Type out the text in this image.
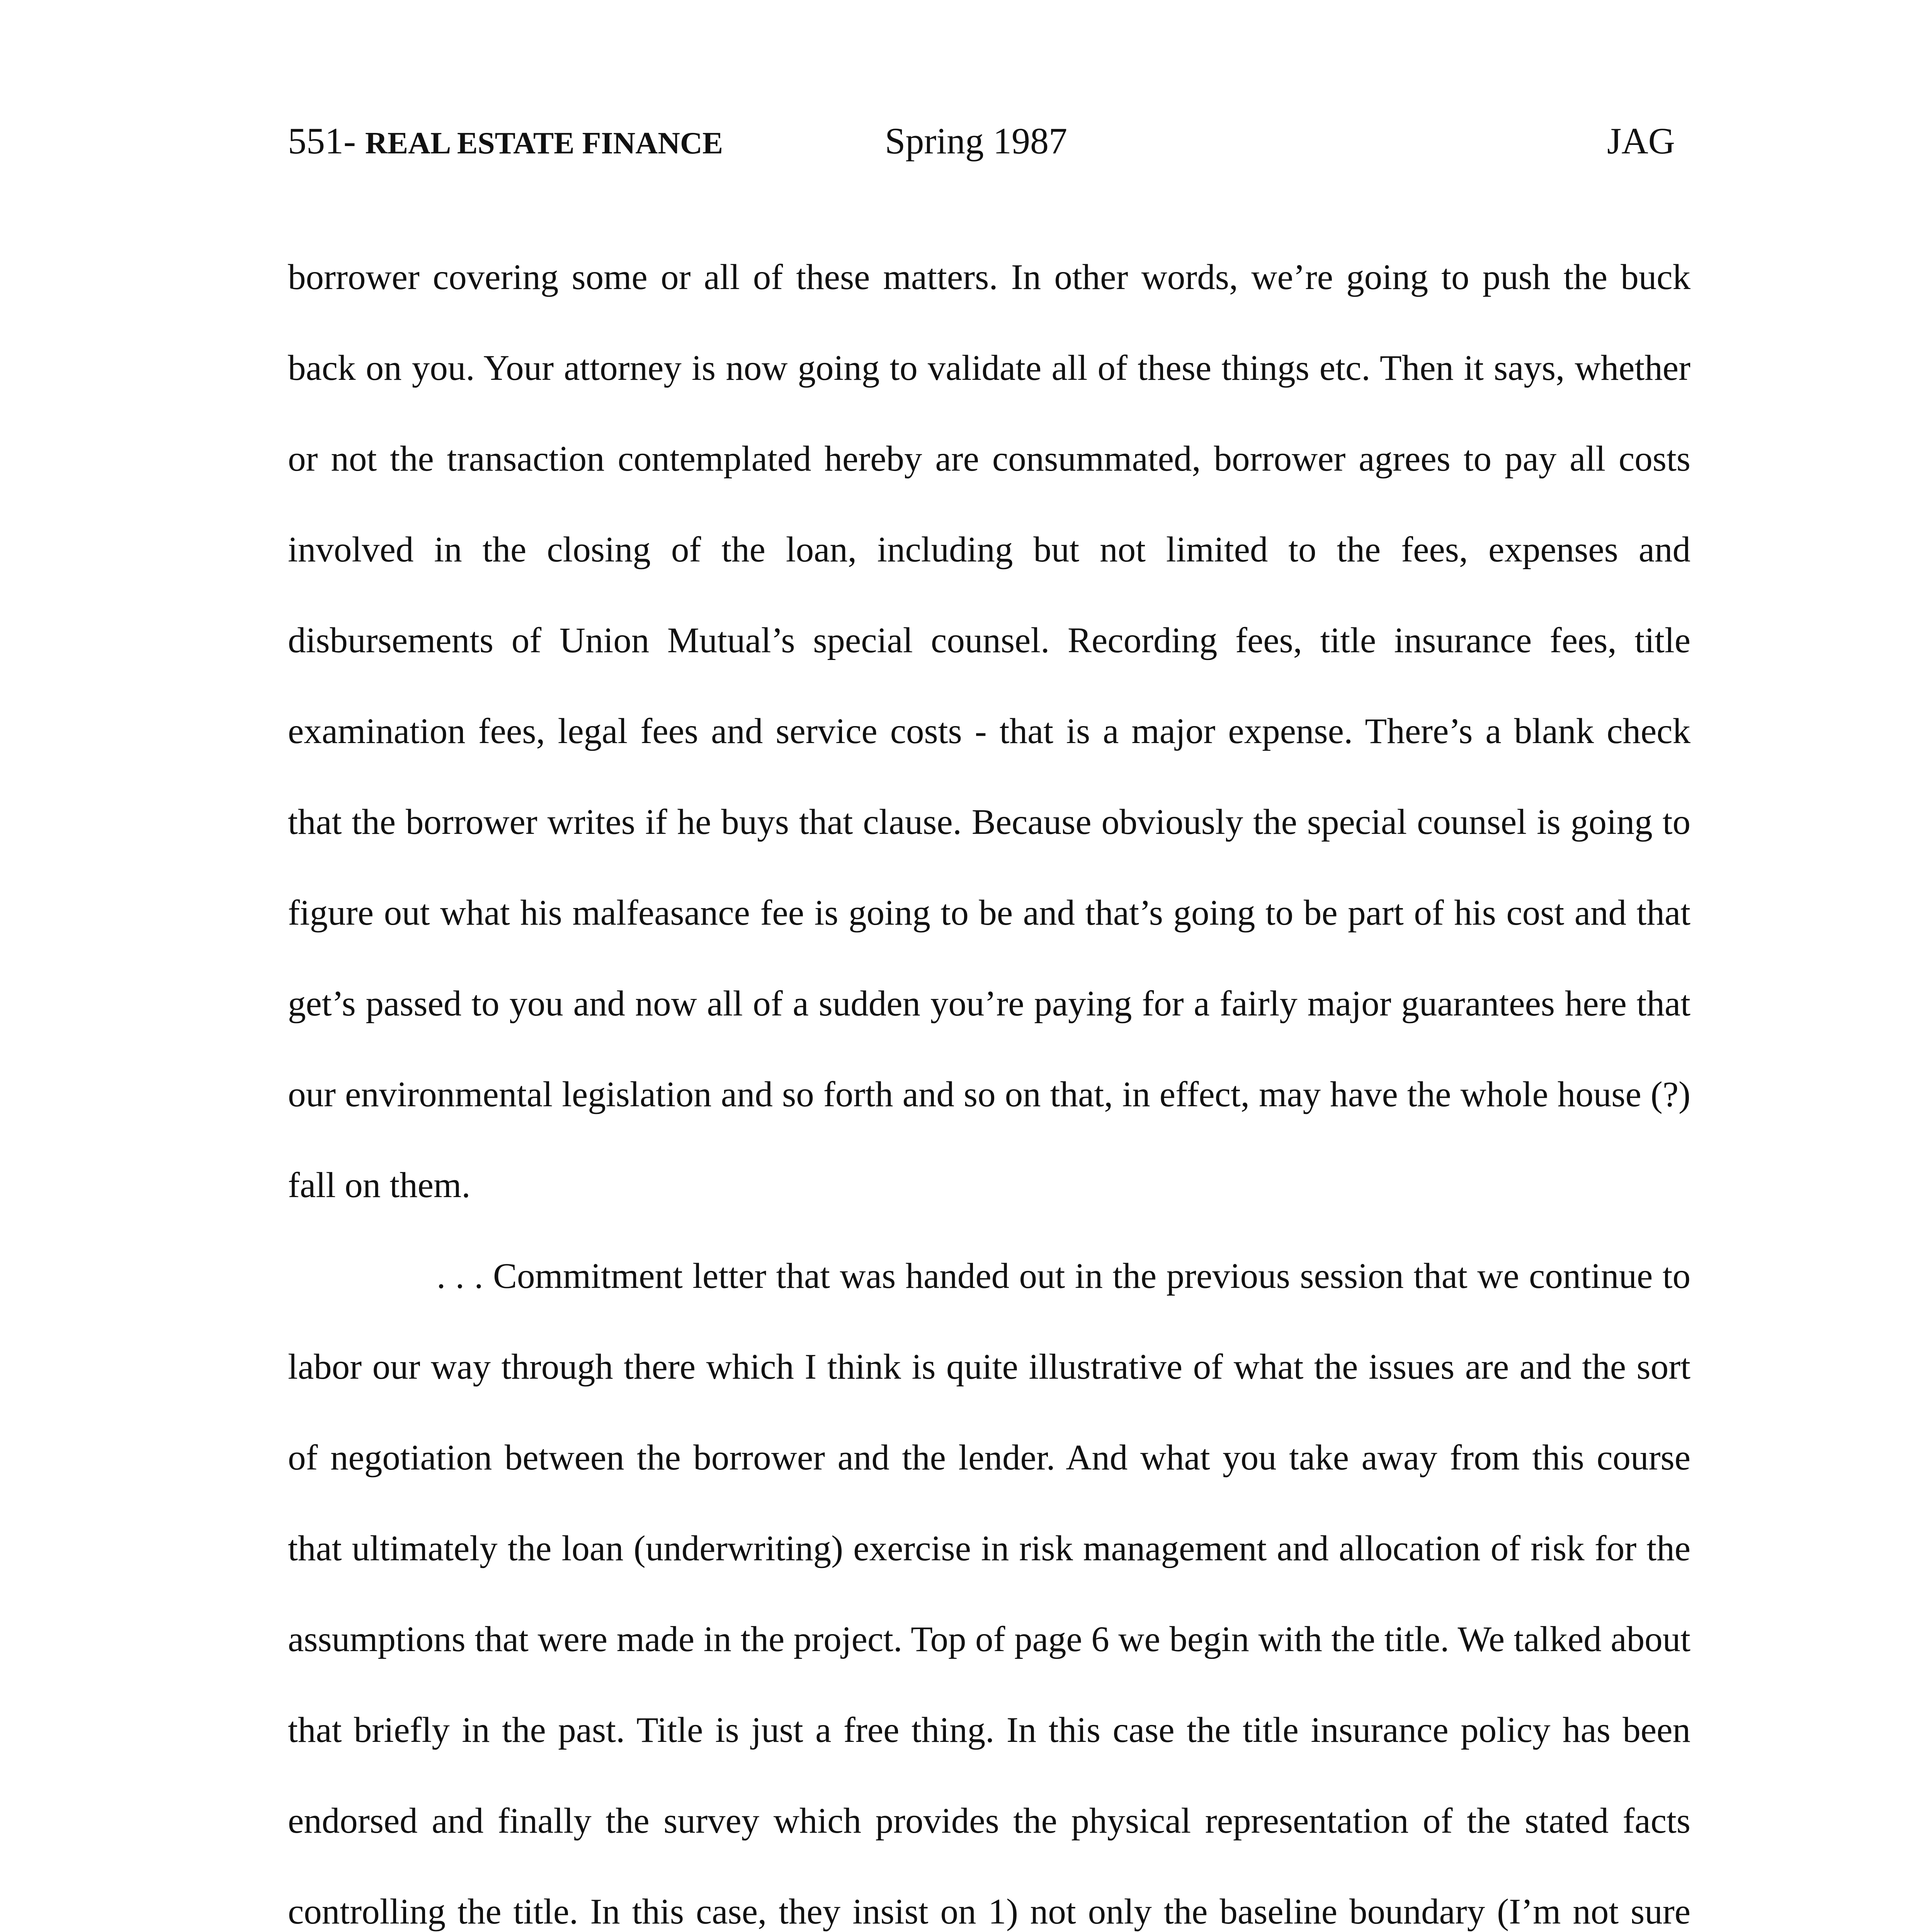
551- REAL ESTATE FINANCE	Spring 1987	JAG

borrower covering some or all of these matters. In other words, we’re going to push the buck back on you. Your attorney is now going to validate all of these things etc. Then it says, whether or not the transaction contemplated hereby are consummated, borrower agrees to pay all costs involved in the closing of the loan, including but not limited to the fees, expenses and disbursements of Union Mutual’s special counsel. Recording fees, title insurance fees, title examination fees, legal fees and service costs - that is a major expense. There’s a blank check that the borrower writes if he buys that clause. Because obviously the special counsel is going to figure out what his malfeasance fee is going to be and that’s going to be part of his cost and that get’s passed to you and now all of a sudden you’re paying for a fairly major guarantees here that our environmental legislation and so forth and so on that, in effect, may have the whole house (?) fall on them.

. . . Commitment letter that was handed out in the previous session that we continue to labor our way through there which I think is quite illustrative of what the issues are and the sort of negotiation between the borrower and the lender. And what you take away from this course that ultimately the loan (underwriting) exercise in risk management and allocation of risk for the assumptions that were made in the project. Top of page 6 we begin with the title. We talked about that briefly in the past. Title is just a free thing. In this case the title insurance policy has been endorsed and finally the survey which provides the physical representation of the stated facts controlling the title. In this case, they insist on 1) not only the baseline boundary (I’m not sure
